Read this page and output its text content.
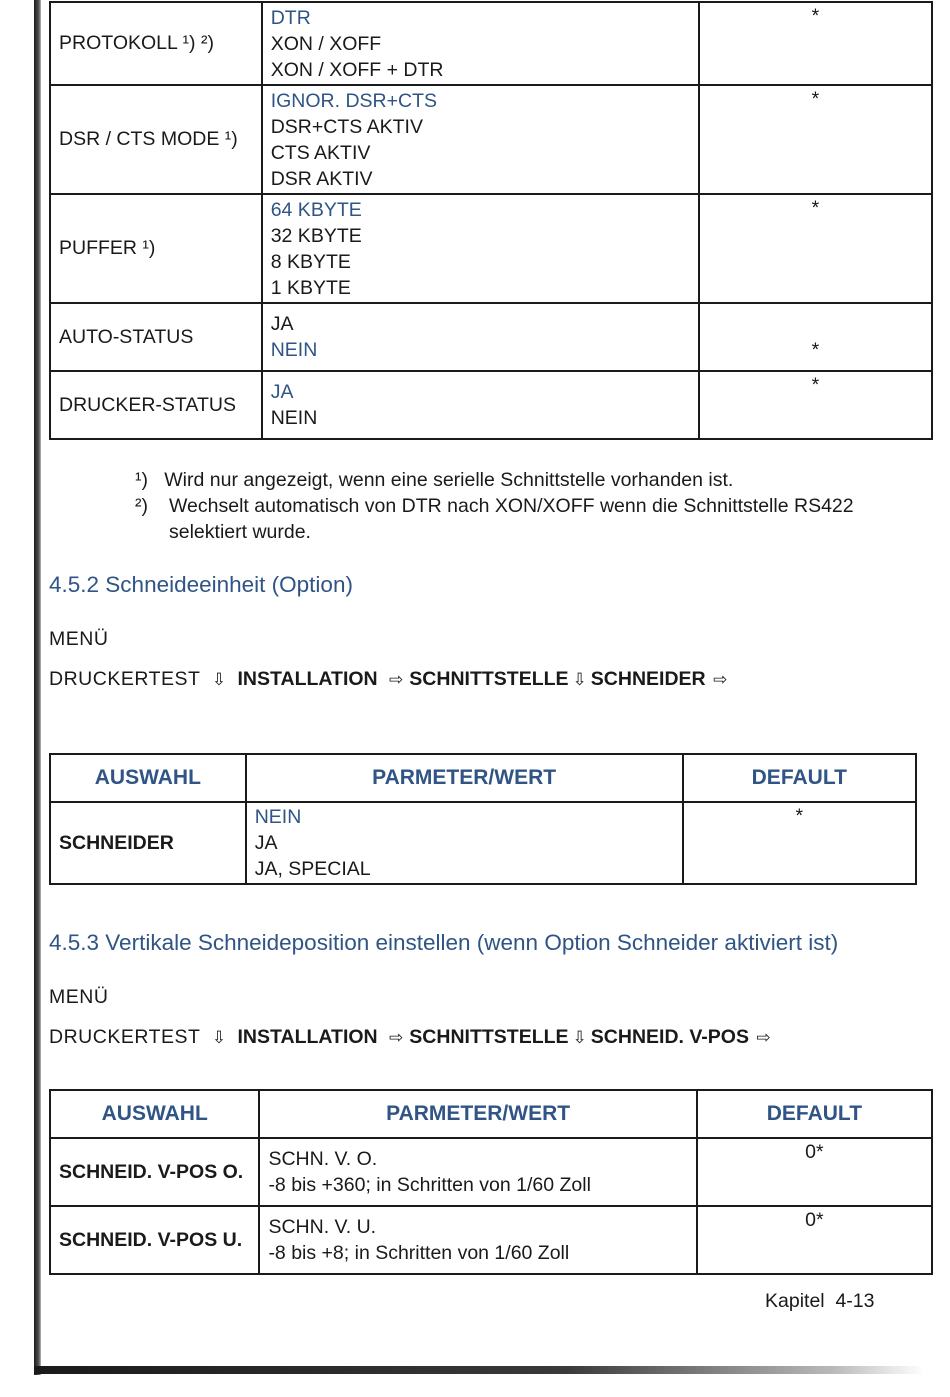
PROTOKOLL ¹) ²)	DTR
XON / XOFF
XON / XOFF + DTR	*
DSR / CTS MODE ¹)	IGNOR. DSR+CTS
DSR+CTS AKTIV
CTS AKTIV
DSR AKTIV	*
PUFFER ¹)	64 KBYTE
32 KBYTE
8 KBYTE
1 KBYTE	*
AUTO-STATUS	JA
NEIN	*
DRUCKER-STATUS	JA
NEIN	*
¹) Wird nur angezeigt, wenn eine serielle Schnittstelle vorhanden ist.
²) Wechselt automatisch von DTR nach XON/XOFF wenn die Schnittstelle RS422
selektiert wurde.
4.5.2 Schneideeinheit (Option)
MENÜ
DRUCKERTEST ⇩ INSTALLATION ⇨ SCHNITTSTELLE ⇩ SCHNEIDER ⇨
AUSWAHL	PARMETER/WERT	DEFAULT
SCHNEIDER	NEIN
JA
JA, SPECIAL	*
4.5.3 Vertikale Schneideposition einstellen (wenn Option Schneider aktiviert ist)
MENÜ
DRUCKERTEST ⇩ INSTALLATION ⇨ SCHNITTSTELLE ⇩ SCHNEID. V-POS ⇨
AUSWAHL	PARMETER/WERT	DEFAULT
SCHNEID. V-POS O.	SCHN. V. O.
-8 bis +360; in Schritten von 1/60 Zoll	0*
SCHNEID. V-POS U.	SCHN. V. U.
-8 bis +8; in Schritten von 1/60 Zoll	0*
Kapitel  4-13
